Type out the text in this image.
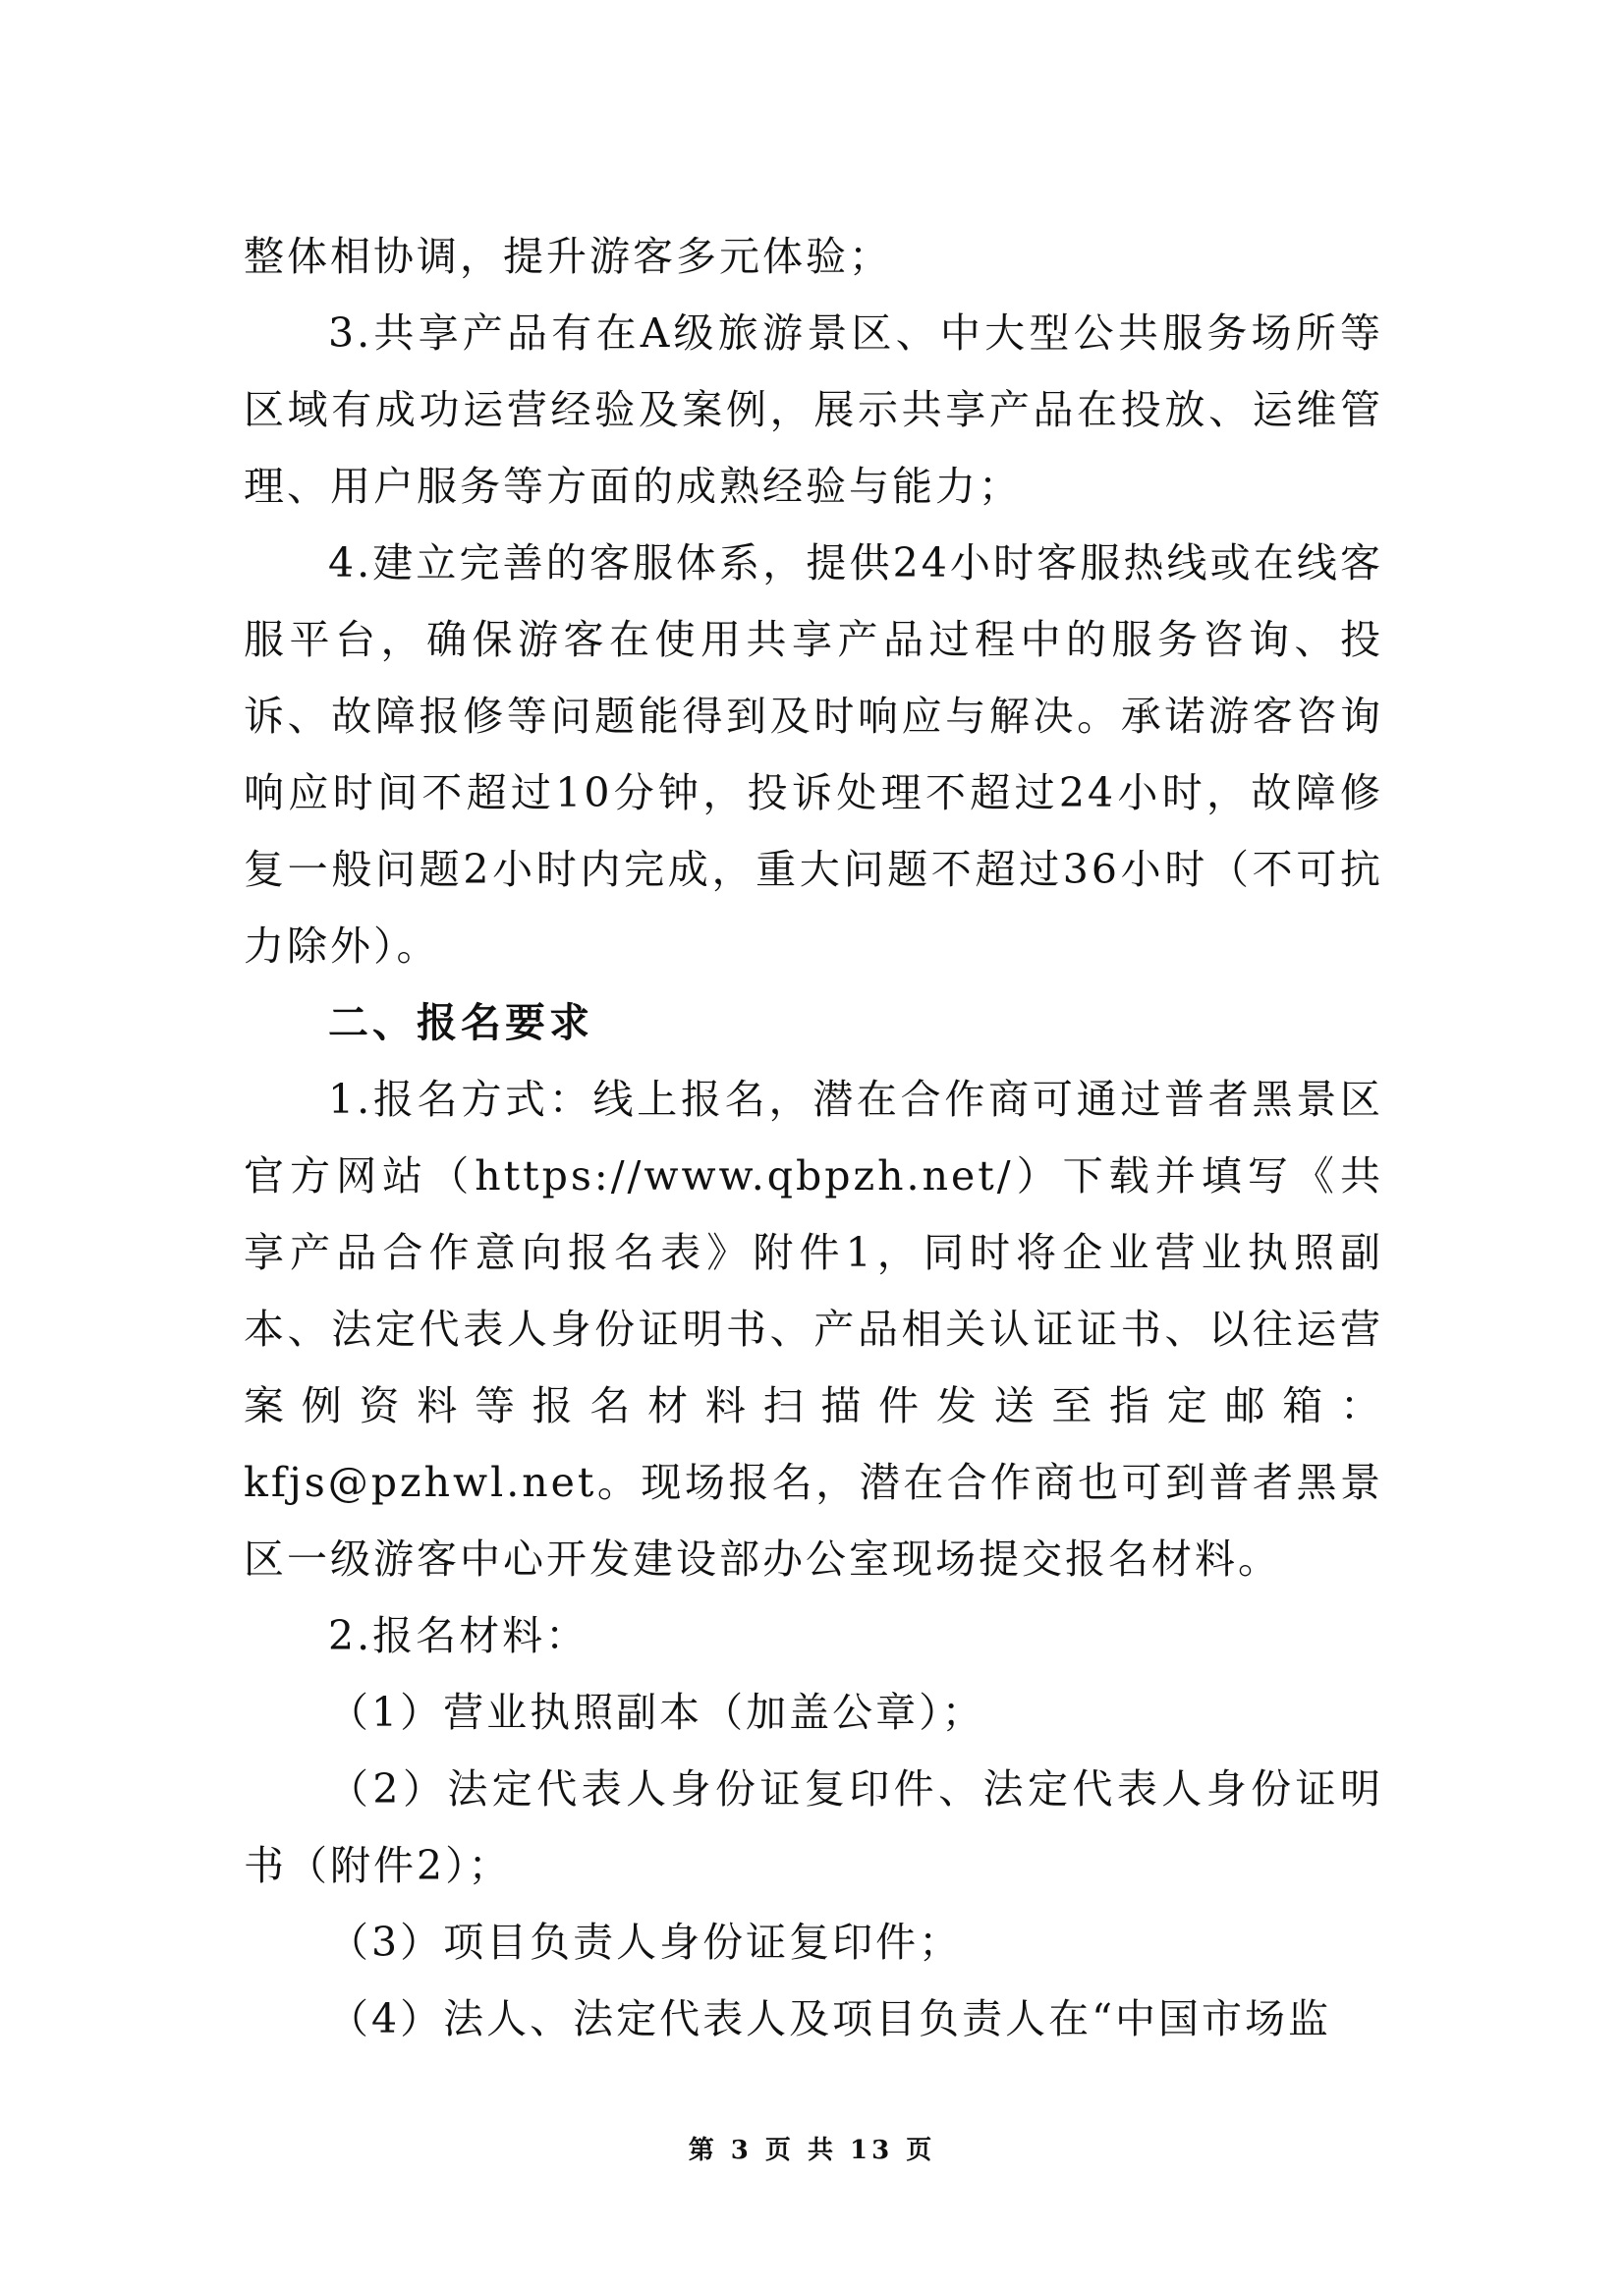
整体相协调，提升游客多元体验；

3.共享产品有在A级旅游景区、中大型公共服务场所等区域有成功运营经验及案例，展示共享产品在投放、运维管理、用户服务等方面的成熟经验与能力；

4.建立完善的客服体系，提供24小时客服热线或在线客服平台，确保游客在使用共享产品过程中的服务咨询、投诉、故障报修等问题能得到及时响应与解决。承诺游客咨询响应时间不超过10分钟，投诉处理不超过24小时，故障修复一般问题2小时内完成，重大问题不超过36小时（不可抗力除外）。

二、报名要求

1.报名方式：线上报名，潜在合作商可通过普者黑景区官方网站（https://www.qbpzh.net/）下载并填写《共享产品合作意向报名表》附件1，同时将企业营业执照副本、法定代表人身份证明书、产品相关认证证书、以往运营案例资料等报名材料扫描件发送至指定邮箱：kfjs@pzhwl.net。现场报名，潜在合作商也可到普者黑景区一级游客中心开发建设部办公室现场提交报名材料。

2.报名材料：

（1）营业执照副本（加盖公章）；

（2）法定代表人身份证复印件、法定代表人身份证明书（附件2）；

（3）项目负责人身份证复印件；

（4）法人、法定代表人及项目负责人在“中国市场监

第 3 页 共 13 页
